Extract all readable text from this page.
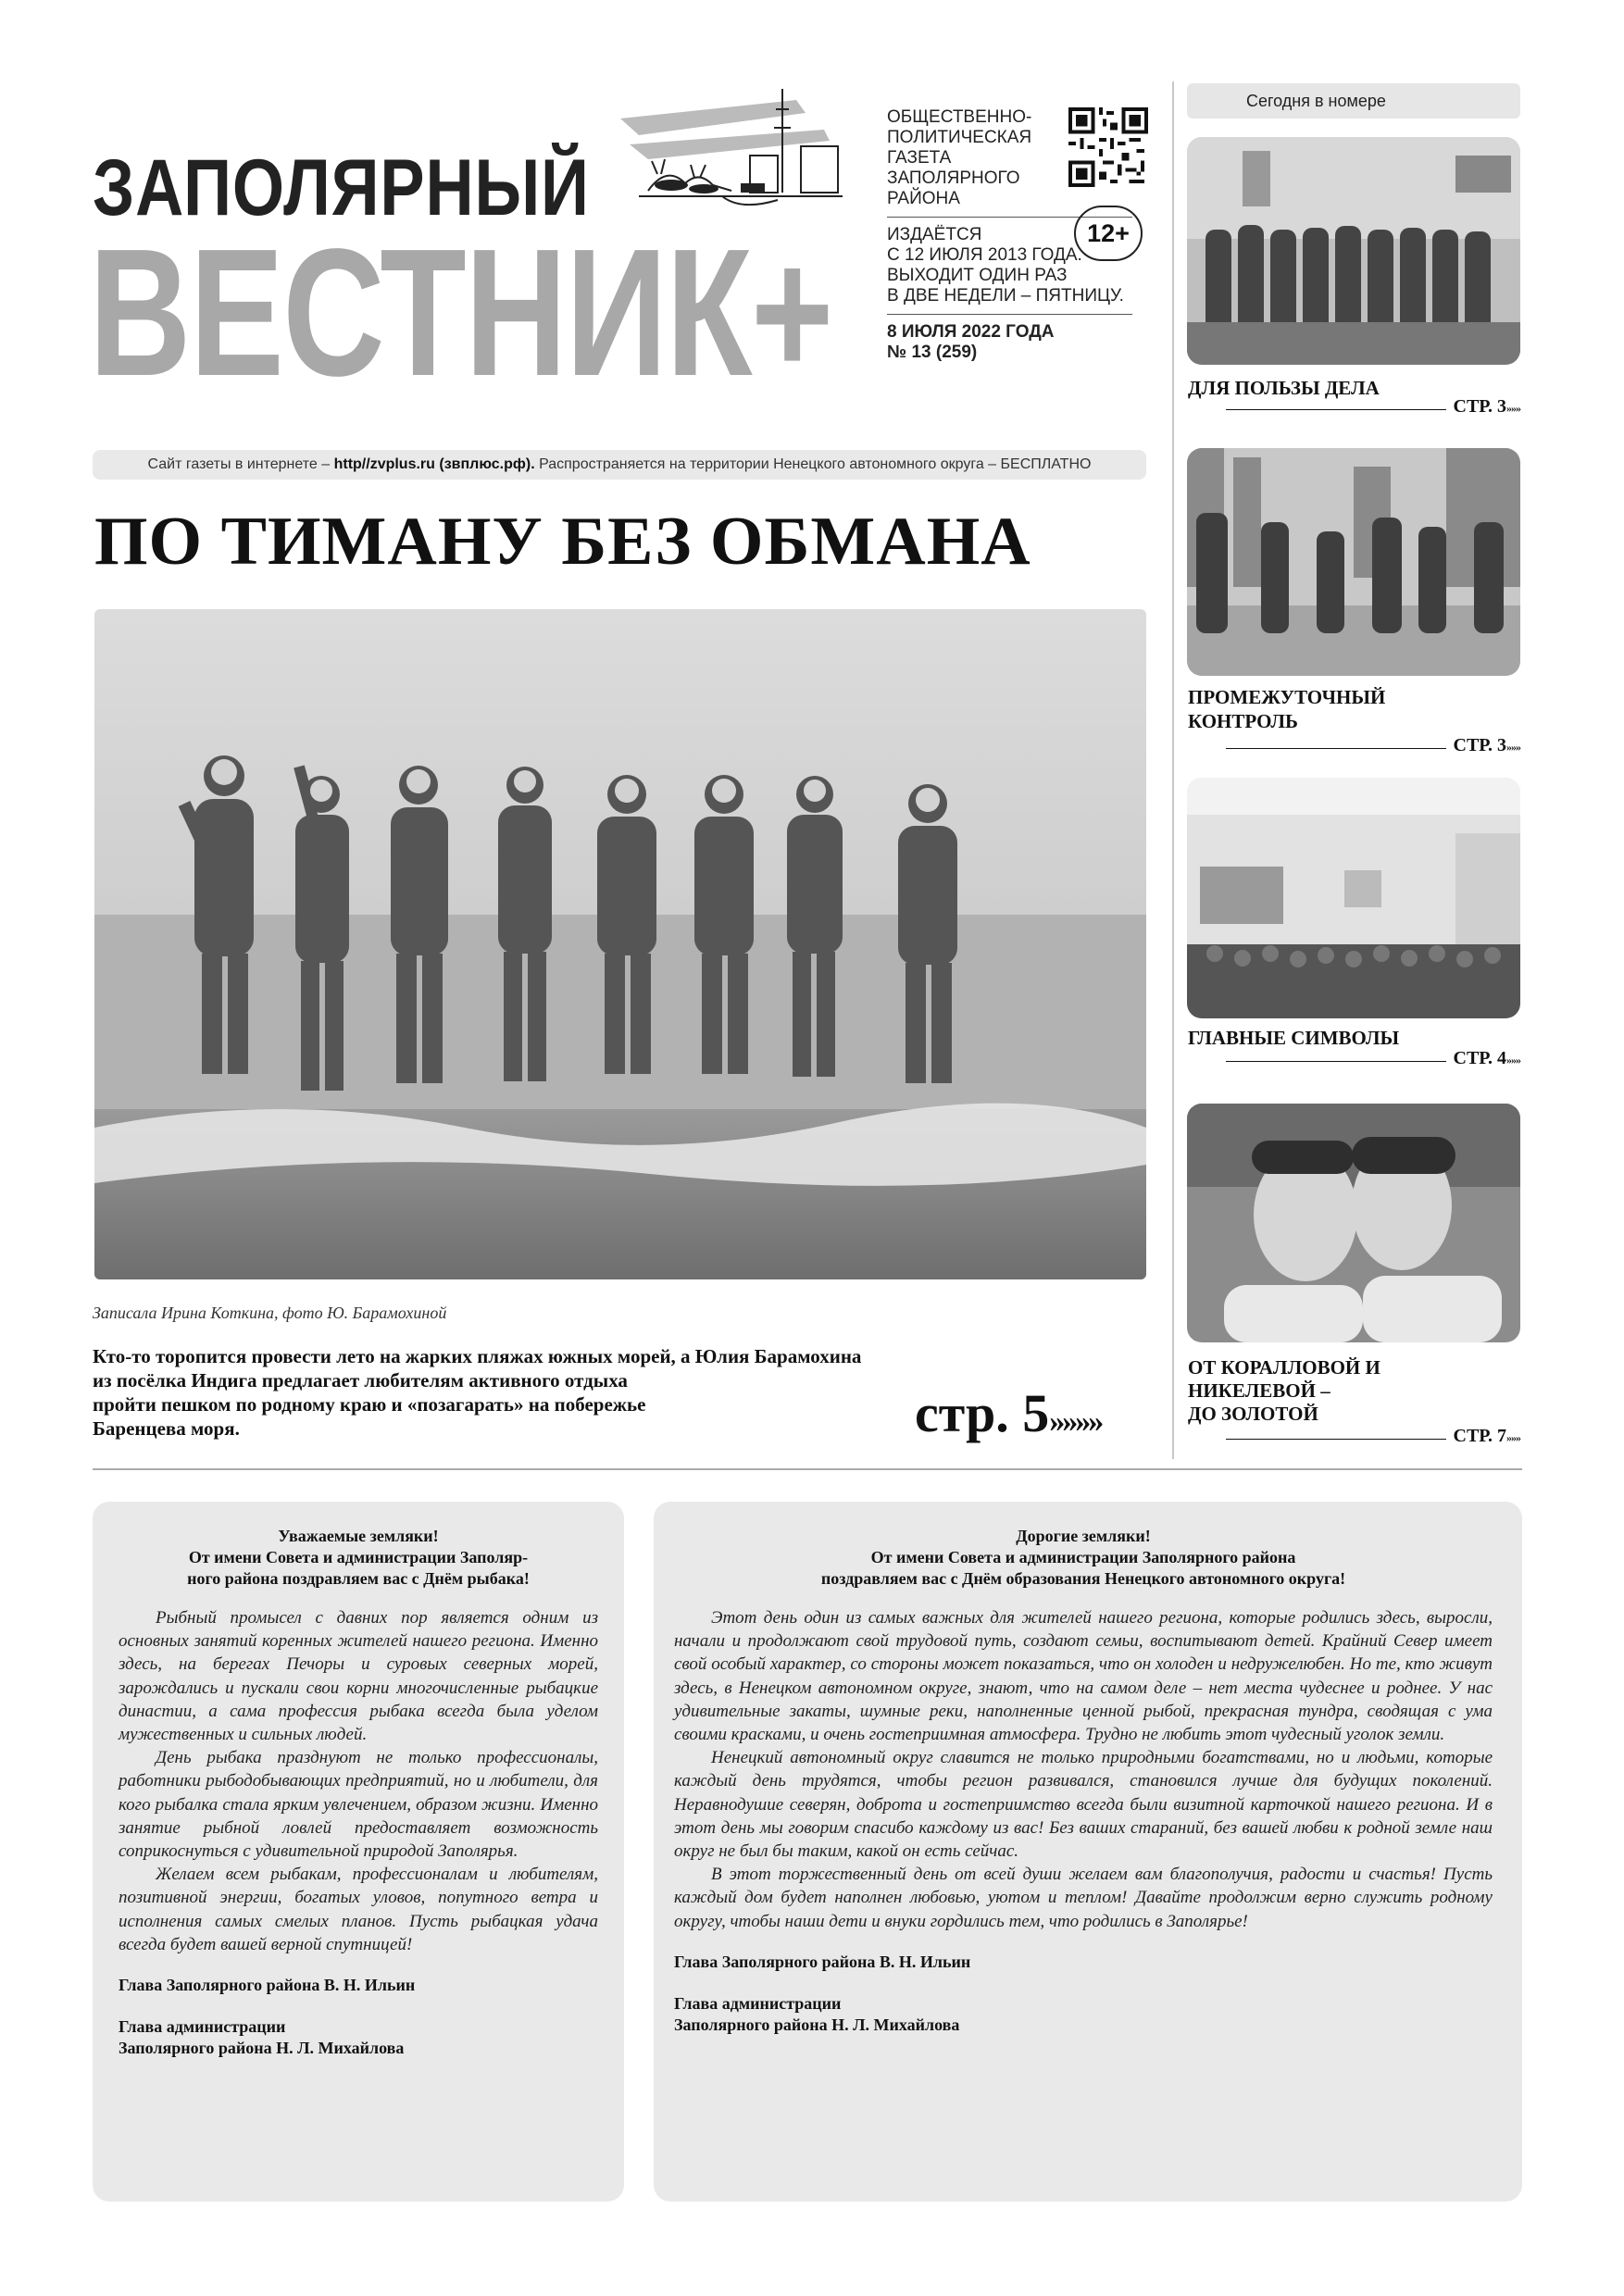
ЗАПОЛЯРНЫЙ
ВЕСТНИК+
ОБЩЕСТВЕННО-
ПОЛИТИЧЕСКАЯ
ГАЗЕТА
ЗАПОЛЯРНОГО
РАЙОНА
ИЗДАЁТСЯ
С 12 ИЮЛЯ 2013 ГОДА.
ВЫХОДИТ ОДИН РАЗ
В ДВЕ НЕДЕЛИ – ПЯТНИЦУ.
8 ИЮЛЯ 2022 ГОДА
№ 13 (259)
12+
Сайт газеты в интернете – http//zvplus.ru (звплюс.рф). Распространяется на территории Ненецкого автономного округа – БЕСПЛАТНО
ПО ТИМАНУ БЕЗ ОБМАНА
Записала Ирина Коткина, фото Ю. Барамохиной
Кто-то торопится провести лето на жарких пляжах южных морей, а Юлия Барамохина
из посёлка Индига предлагает любителям активного отдыха
пройти пешком по родному краю и «позагарать» на побережье
Баренцева моря.	стр. 5»»»»
Сегодня в номере
ДЛЯ ПОЛЬЗЫ ДЕЛА
СТР. 3»»»
ПРОМЕЖУТОЧНЫЙ
КОНТРОЛЬ
СТР. 3»»»
ГЛАВНЫЕ СИМВОЛЫ
СТР. 4»»»
ОТ КОРАЛЛОВОЙ И
НИКЕЛЕВОЙ –
ДО ЗОЛОТОЙ
СТР. 7»»»
Уважаемые земляки!
От имени Совета и администрации Заполяр-
ного района поздравляем вас с Днём рыбака!

Рыбный промысел с давних пор является одним из основных занятий коренных жителей нашего региона. Именно здесь, на берегах Печоры и суровых северных морей, зарождались и пускали свои корни многочисленные рыбацкие династии, а сама профессия рыбака всегда была уделом мужественных и сильных людей.

День рыбака празднуют не только профессионалы, работники рыбодобывающих предприятий, но и любители, для кого рыбалка стала ярким увлечением, образом жизни. Именно занятие рыбной ловлей предоставляет возможность соприкоснуться с удивительной природой Заполярья.

Желаем всем рыбакам, профессионалам и любителям, позитивной энергии, богатых уловов, попутного ветра и исполнения самых смелых планов. Пусть рыбацкая удача всегда будет вашей верной спутницей!

Глава Заполярного района В. Н. Ильин
Глава администрации
Заполярного района Н. Л. Михайлова
Дорогие земляки!
От имени Совета и администрации Заполярного района
поздравляем вас с Днём образования Ненецкого автономного округа!

Этот день один из самых важных для жителей нашего региона, которые родились здесь, выросли, начали и продолжают свой трудовой путь, создают семьи, воспитывают детей. Крайний Север имеет свой особый характер, со стороны может показаться, что он холоден и недружелюбен. Но те, кто живут здесь, в Ненецком автономном округе, знают, что на самом деле – нет места чудеснее и роднее. У нас удивительные закаты, шумные реки, наполненные ценной рыбой, прекрасная тундра, сводящая с ума своими красками, и очень гостеприимная атмосфера. Трудно не любить этот чудесный уголок земли.

Ненецкий автономный округ славится не только природными богатствами, но и людьми, которые каждый день трудятся, чтобы регион развивался, становился лучше для будущих поколений. Неравнодушие северян, доброта и гостеприимство всегда были визитной карточкой нашего региона. И в этот день мы говорим спасибо каждому из вас! Без ваших стараний, без вашей любви к родной земле наш округ не был бы таким, какой он есть сейчас.

В этот торжественный день от всей души желаем вам благополучия, радости и счастья! Пусть каждый дом будет наполнен любовью, уютом и теплом! Давайте продолжим верно служить родному округу, чтобы наши дети и внуки гордились тем, что родились в Заполярье!

Глава Заполярного района В. Н. Ильин
Глава администрации
Заполярного района Н. Л. Михайлова
